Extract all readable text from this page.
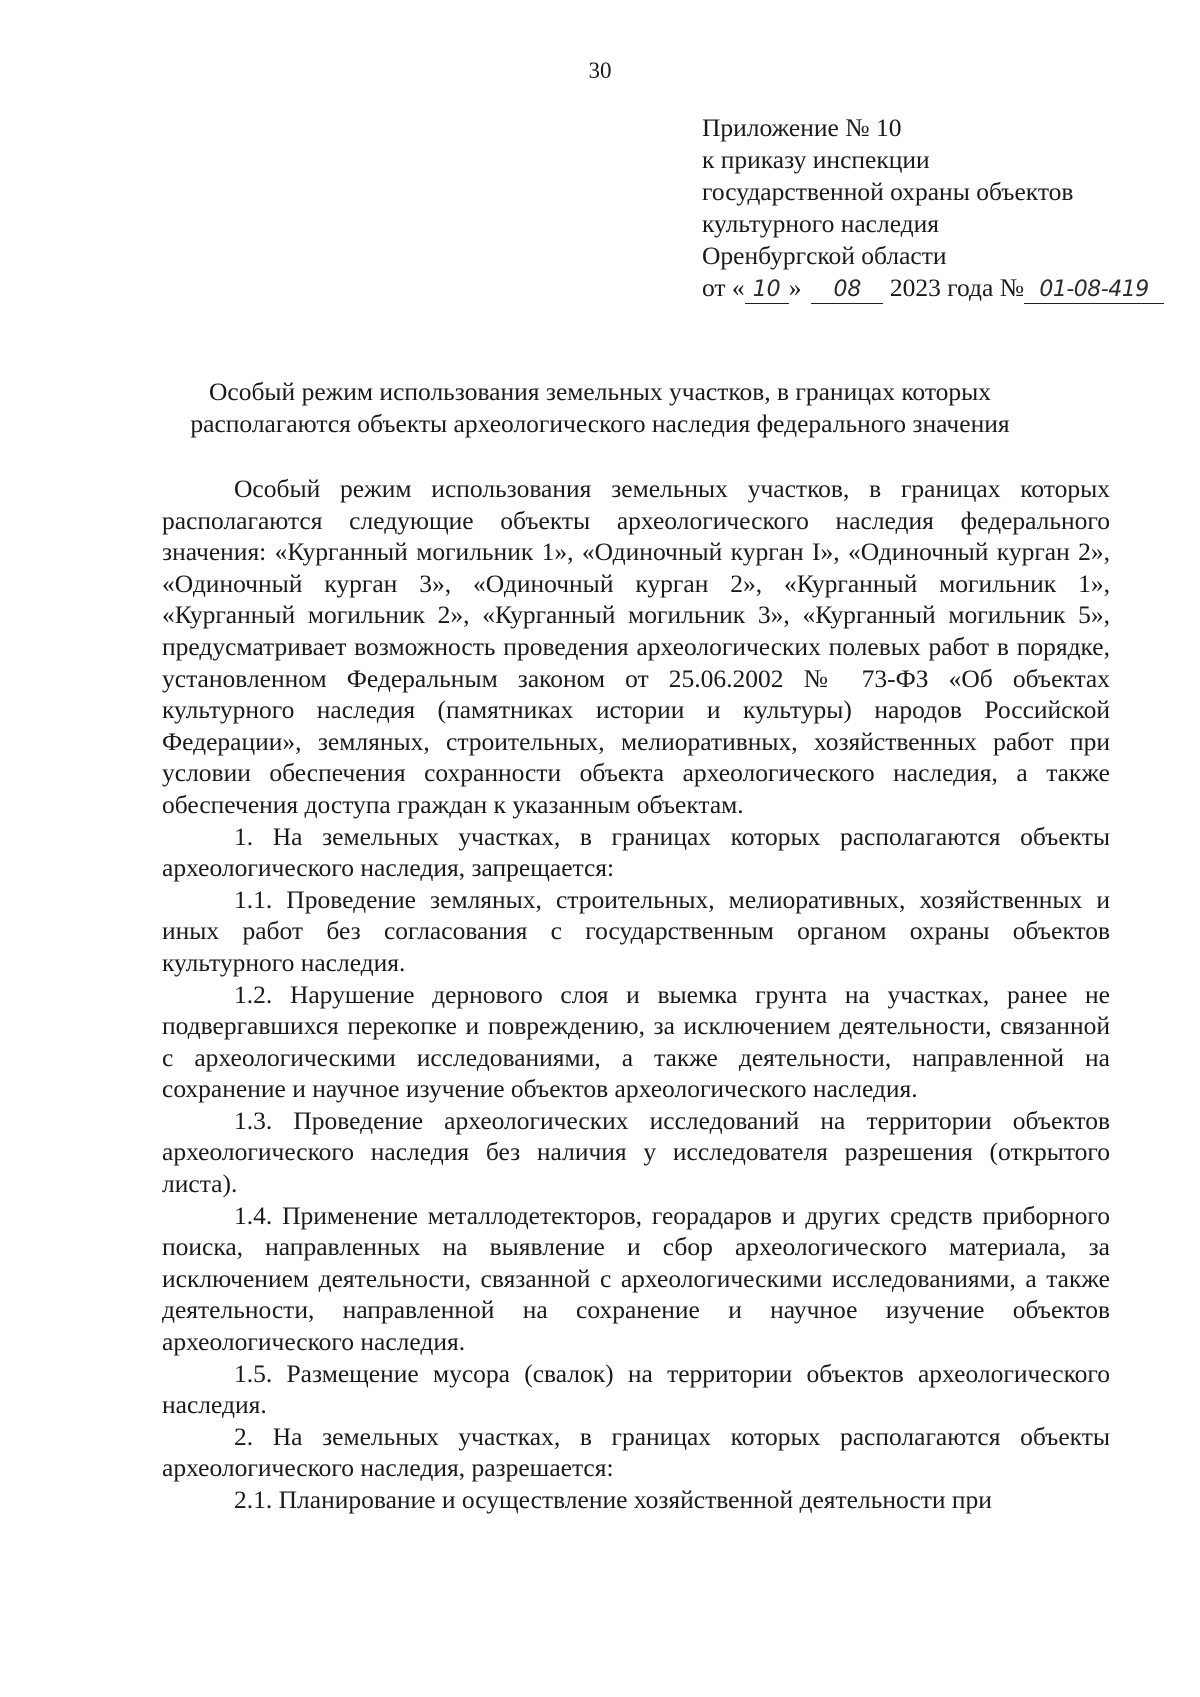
30
Приложение № 10
к приказу инспекции
государственной охраны объектов
культурного наследия
Оренбургской области
от « 10 » 08 2023 года № 01-08-419
Особый режим использования земельных участков, в границах которых
располагаются объекты археологического наследия федерального значения

Особый режим использования земельных участков, в границах которых располагаются следующие объекты археологического наследия федерального значения: «Курганный могильник 1», «Одиночный курган I», «Одиночный курган 2», «Одиночный курган 3», «Одиночный курган 2», «Курганный могильник 1», «Курганный могильник 2», «Курганный могильник 3», «Курганный могильник 5», предусматривает возможность проведения археологических полевых работ в порядке, установленном Федеральным законом от 25.06.2002 № 73-ФЗ «Об объектах культурного наследия (памятниках истории и культуры) народов Российской Федерации», земляных, строительных, мелиоративных, хозяйственных работ при условии обеспечения сохранности объекта археологического наследия, а также обеспечения доступа граждан к указанным объектам.

1. На земельных участках, в границах которых располагаются объекты археологического наследия, запрещается:

1.1. Проведение земляных, строительных, мелиоративных, хозяйственных и иных работ без согласования с государственным органом охраны объектов культурного наследия.

1.2. Нарушение дернового слоя и выемка грунта на участках, ранее не подвергавшихся перекопке и повреждению, за исключением деятельности, связанной с археологическими исследованиями, а также деятельности, направленной на сохранение и научное изучение объектов археологического наследия.

1.3. Проведение археологических исследований на территории объектов археологического наследия без наличия у исследователя разрешения (открытого листа).

1.4. Применение металлодетекторов, георадаров и других средств приборного поиска, направленных на выявление и сбор археологического материала, за исключением деятельности, связанной с археологическими исследованиями, а также деятельности, направленной на сохранение и научное изучение объектов археологического наследия.

1.5. Размещение мусора (свалок) на территории объектов археологического наследия.

2. На земельных участках, в границах которых располагаются объекты археологического наследия, разрешается:

2.1. Планирование и осуществление хозяйственной деятельности при
